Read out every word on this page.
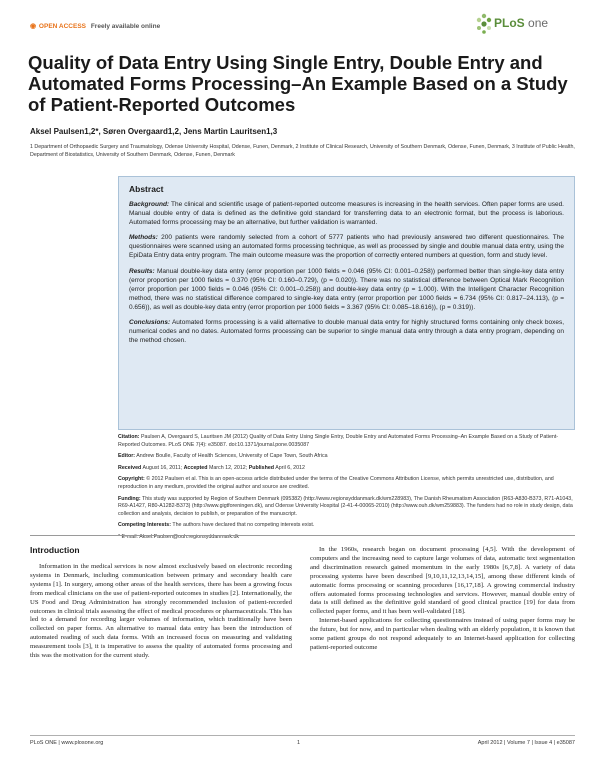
◉ OPEN ACCESS Freely available online	PLoS one
Quality of Data Entry Using Single Entry, Double Entry and Automated Forms Processing–An Example Based on a Study of Patient-Reported Outcomes
Aksel Paulsen1,2*, Søren Overgaard1,2, Jens Martin Lauritsen1,3
1 Department of Orthopaedic Surgery and Traumatology, Odense University Hospital, Odense, Funen, Denmark, 2 Institute of Clinical Research, University of Southern Denmark, Odense, Funen, Denmark, 3 Institute of Public Health, Department of Biostatistics, University of Southern Denmark, Odense, Funen, Denmark
Abstract

Background: The clinical and scientific usage of patient-reported outcome measures is increasing in the health services. Often paper forms are used. Manual double entry of data is defined as the definitive gold standard for transferring data to an electronic format, but the process is laborious. Automated forms processing may be an alternative, but further validation is warranted.

Methods: 200 patients were randomly selected from a cohort of 5777 patients who had previously answered two different questionnaires. The questionnaires were scanned using an automated forms processing technique, as well as processed by single and double manual data entry, using the EpiData Entry data entry program. The main outcome measure was the proportion of correctly entered numbers at question, form and study level.

Results: Manual double-key data entry (error proportion per 1000 fields = 0.046 (95% CI: 0.001–0.258)) performed better than single-key data entry (error proportion per 1000 fields = 0.370 (95% CI: 0.160–0.729), (p = 0.020)). There was no statistical difference between Optical Mark Recognition (error proportion per 1000 fields = 0.046 (95% CI: 0.001–0.258)) and double-key data entry (p = 1.000). With the Intelligent Character Recognition method, there was no statistical difference compared to single-key data entry (error proportion per 1000 fields = 6.734 (95% CI: 0.817–24.113), (p = 0.656)), as well as double-key data entry (error proportion per 1000 fields = 3.367 (95% CI: 0.085–18.616)), (p = 0.319)).

Conclusions: Automated forms processing is a valid alternative to double manual data entry for highly structured forms containing only check boxes, numerical codes and no dates. Automated forms processing can be superior to single manual data entry through a data entry program, depending on the method chosen.

Citation: Paulsen A, Overgaard S, Lauritsen JM (2012) Quality of Data Entry Using Single Entry, Double Entry and Automated Forms Processing–An Example Based on a Study of Patient-Reported Outcomes. PLoS ONE 7(4): e35087. doi:10.1371/journal.pone.0035087

Editor: Andrew Boulle, Faculty of Health Sciences, University of Cape Town, South Africa

Received August 16, 2011; Accepted March 12, 2012; Published April 6, 2012

Copyright: © 2012 Paulsen et al. This is an open-access article distributed under the terms of the Creative Commons Attribution License, which permits unrestricted use, distribution, and reproduction in any medium, provided the original author and source are credited.

Funding: This study was supported by Region of Southern Denmark (095382) (http://www.regionsyddanmark.dk/wm228983), The Danish Rheumatism Association (R63-A830-B373, R71-A1043, R69-A1427, R80-A1282-B373) (http://www.gigtforeningen.dk), and Odense University Hospital (2-41-4-00065-2010) (http://www.ouh.dk/wm259883). The funders had no role in study design, data collection and analysis, decision to publish, or preparation of the manuscript.

Competing Interests: The authors have declared that no competing interests exist.

* E-mail: Aksel.Paulsen@ouh.regionsyddanmark.dk

Introduction

Information in the medical services is now almost exclusively based on electronic recording systems in Denmark, including communication between primary and secondary health care systems [1]. In surgery, among other areas of the health services, there has been a growing focus from medical clinicians on the use of patient-reported outcomes in studies [2]. Internationally, the US Food and Drug Administration has strongly recommended inclusion of patient-recorded outcomes in clinical trials assessing the effect of medical procedures or pharmaceuticals. This has led to a demand for recording larger volumes of information, which traditionally have been collected on paper forms. An alternative to manual data entry has been the introduction of automated reading of such data forms. With an increased focus on measuring and validating measurement tools [3], it is imperative to assess the quality of automated forms processing and this was the motivation for the current study.

In the 1960s, research began on document processing [4,5]. With the development of computers and the increasing need to capture large volumes of data, automatic text segmentation and discrimination research gained momentum in the early 1980s [6,7,8]. A variety of data processing systems have been described [9,10,11,12,13,14,15], among these different kinds of automatic forms processing or scanning procedures [16,17,18]. A growing commercial industry offers automated forms processing technologies and services. However, manual double entry of data is still defined as the definitive gold standard of good clinical practice [19] for data from collected paper forms, and it has been well-validated [18].

Internet-based applications for collecting questionnaires instead of using paper forms may be the future, but for now, and in particular when dealing with an elderly population, it is known that some patient groups do not respond adequately to an Internet-based application for collecting patient-reported outcome

PLoS ONE | www.plosone.org	1	April 2012 | Volume 7 | Issue 4 | e35087
